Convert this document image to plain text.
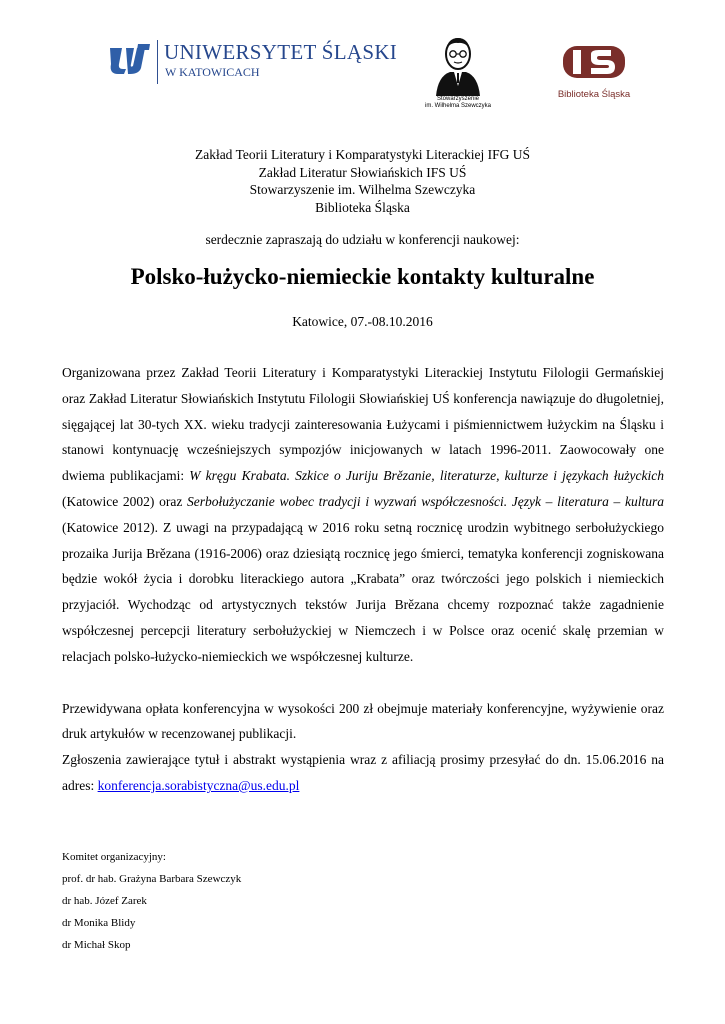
UNIWERSYTET ŚLĄSKI
W KATOWICACH
Stowarzyszenie
im. Wilhelma Szewczyka
Biblioteka Śląska
Zakład Teorii Literatury i Komparatystyki Literackiej IFG UŚ
Zakład Literatur Słowiańskich IFS UŚ
Stowarzyszenie im. Wilhelma Szewczyka
Biblioteka Śląska
serdecznie zapraszają do udziału w konferencji naukowej:
Polsko-łużycko-niemieckie kontakty kulturalne
Katowice, 07.-08.10.2016

Organizowana przez Zakład Teorii Literatury i Komparatystyki Literackiej Instytutu Filologii Germańskiej oraz Zakład Literatur Słowiańskich Instytutu Filologii Słowiańskiej UŚ konferencja nawiązuje do długoletniej, sięgającej lat 30-tych XX. wieku tradycji zainteresowania Łużycami i piśmiennictwem łużyckim na Śląsku i stanowi kontynuację wcześniejszych sympozjów inicjowanych w latach 1996-2011. Zaowocowały one dwiema publikacjami: W kręgu Krabata. Szkice o Juriju Brězanie, literaturze, kulturze i językach łużyckich (Katowice 2002) oraz Serbołużyczanie wobec tradycji i wyzwań współczesności. Język – literatura – kultura (Katowice 2012). Z uwagi na przypadającą w 2016 roku setną rocznicę urodzin wybitnego serbołużyckiego prozaika Jurija Brězana (1916-2006) oraz dziesiątą rocznicę jego śmierci, tematyka konferencji zogniskowana będzie wokół życia i dorobku literackiego autora „Krabata” oraz twórczości jego polskich i niemieckich przyjaciół. Wychodząc od artystycznych tekstów Jurija Brězana chcemy rozpoznać także zagadnienie współczesnej percepcji literatury serbołużyckiej w Niemczech i w Polsce oraz ocenić skalę przemian w relacjach polsko-łużycko-niemieckich we współczesnej kulturze.

Przewidywana opłata konferencyjna w wysokości 200 zł obejmuje materiały konferencyjne, wyżywienie oraz druk artykułów w recenzowanej publikacji.

Zgłoszenia zawierające tytuł i abstrakt wystąpienia wraz z afiliacją prosimy przesyłać do dn. 15.06.2016 na adres: konferencja.sorabistyczna@us.edu.pl

Komitet organizacyjny:
prof. dr hab. Grażyna Barbara Szewczyk
dr hab. Józef Zarek
dr Monika Blidy
dr Michał Skop
